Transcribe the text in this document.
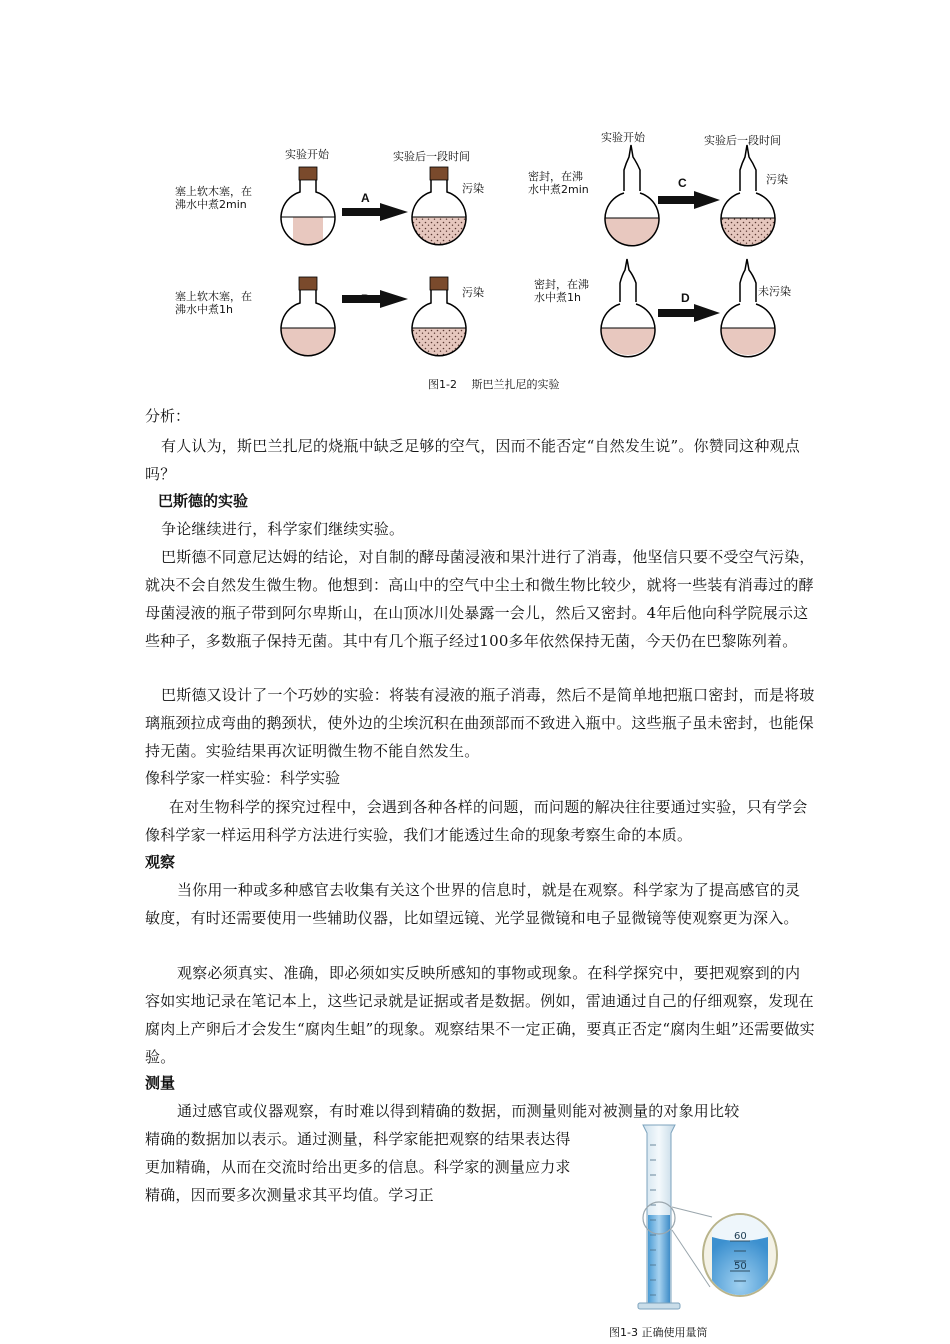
实验开始	实验后一段时间
实验开始	实验后一段时间
塞上软木塞，在
沸水中煮2min	A
污染
塞上软木塞，在
沸水中煮1h
B	污染
密封，在沸
水中煮2min	C	污染
密封，在沸
水中煮1h	D	未污染
图1-2　 斯巴兰扎尼的实验

分析：

有人认为，斯巴兰扎尼的烧瓶中缺乏足够的空气，因而不能否定“自然发生说”。你赞同这种观点吗？

巴斯德的实验

争论继续进行，科学家们继续实验。

巴斯德不同意尼达姆的结论，对自制的酵母菌浸液和果汁进行了消毒，他坚信只要不受空气污染，就决不会自然发生微生物。他想到：高山中的空气中尘土和微生物比较少，就将一些装有消毒过的酵母菌浸液的瓶子带到阿尔卑斯山，在山顶冰川处暴露一会儿，然后又密封。4年后他向科学院展示这些种子，多数瓶子保持无菌。其中有几个瓶子经过100多年依然保持无菌，今天仍在巴黎陈列着。

巴斯德又设计了一个巧妙的实验：将装有浸液的瓶子消毒，然后不是简单地把瓶口密封，而是将玻璃瓶颈拉成弯曲的鹅颈状，使外边的尘埃沉积在曲颈部而不致进入瓶中。这些瓶子虽未密封，也能保持无菌。实验结果再次证明微生物不能自然发生。

像科学家一样实验：科学实验

在对生物科学的探究过程中，会遇到各种各样的问题，而问题的解决往往要通过实验，只有学会像科学家一样运用科学方法进行实验，我们才能透过生命的现象考察生命的本质。

观察

当你用一种或多种感官去收集有关这个世界的信息时，就是在观察。科学家为了提高感官的灵敏度，有时还需要使用一些辅助仪器，比如望远镜、光学显微镜和电子显微镜等使观察更为深入。

观察必须真实、准确，即必须如实反映所感知的事物或现象。在科学探究中，要把观察到的内容如实地记录在笔记本上，这些记录就是证据或者是数据。例如，雷迪通过自己的仔细观察，发现在腐肉上产卵后才会发生“腐肉生蛆”的现象。观察结果不一定正确，要真正否定“腐肉生蛆”还需要做实验。

测量

通过感官或仪器观察，有时难以得到精确的数据，而测量则能对被测量的对象用比较

精确的数据加以表示。通过测量，科学家能把观察的结果表达得更加精确，从而在交流时给出更多的信息。科学家的测量应力求精确，因而要多次测量求其平均值。学习正

60
50
图1-3 正确使用量筒
